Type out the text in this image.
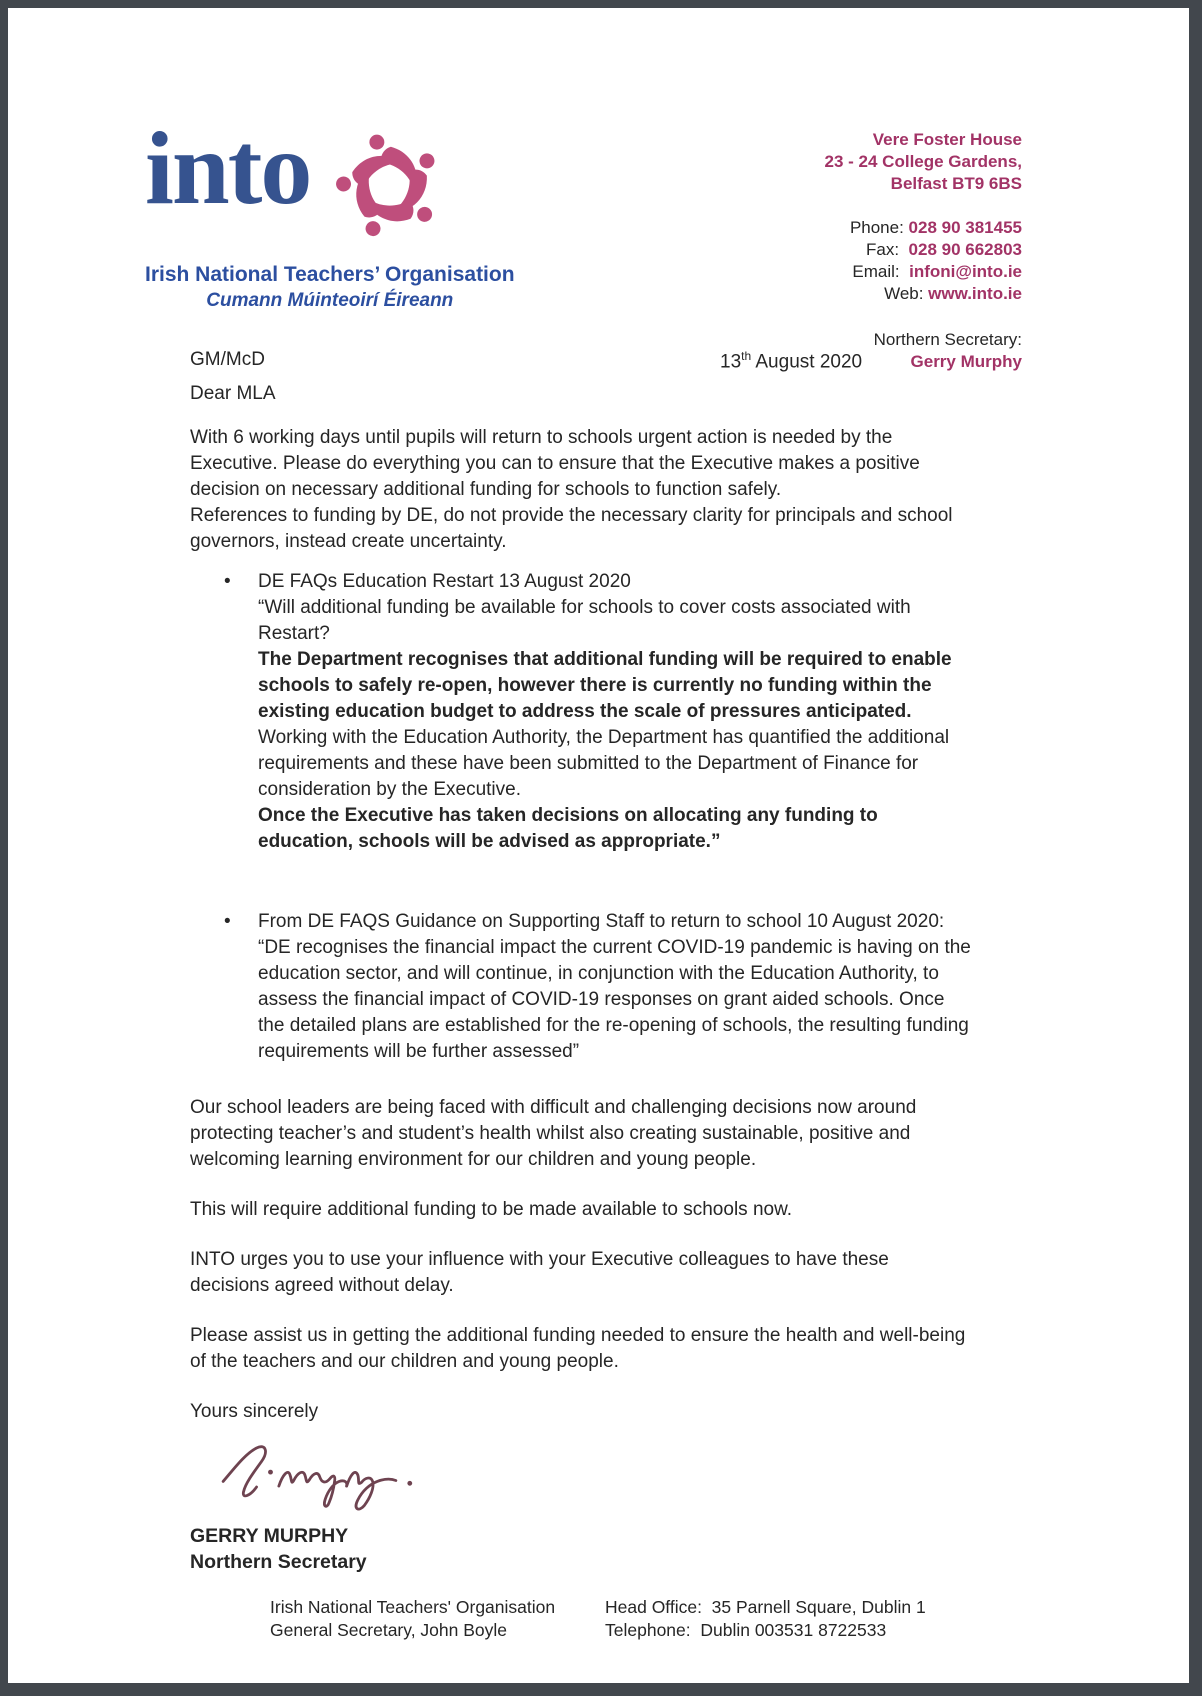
into
Irish National Teachers’ Organisation
Cumann Múinteoirí Éireann
Vere Foster House
23 - 24 College Gardens,
Belfast BT9 6BS
Phone: 028 90 381455
Fax:  028 90 662803
Email:  infoni@into.ie
Web: www.into.ie
Northern Secretary:
Gerry Murphy
GM/McD	13th August 2020
Dear MLA
With 6 working days until pupils will return to schools urgent action is needed by the Executive. Please do everything you can to ensure that the Executive makes a positive decision on necessary additional funding for schools to function safely.
References to funding by DE, do not provide the necessary clarity for principals and school governors, instead create uncertainty.
• DE FAQs Education Restart 13 August 2020
“Will additional funding be available for schools to cover costs associated with Restart?
The Department recognises that additional funding will be required to enable schools to safely re-open, however there is currently no funding within the existing education budget to address the scale of pressures anticipated.
Working with the Education Authority, the Department has quantified the additional requirements and these have been submitted to the Department of Finance for consideration by the Executive.
Once the Executive has taken decisions on allocating any funding to education, schools will be advised as appropriate.”
• From DE FAQS Guidance on Supporting Staff to return to school 10 August 2020: “DE recognises the financial impact the current COVID-19 pandemic is having on the education sector, and will continue, in conjunction with the Education Authority, to assess the financial impact of COVID-19 responses on grant aided schools. Once the detailed plans are established for the re-opening of schools, the resulting funding requirements will be further assessed”
Our school leaders are being faced with difficult and challenging decisions now around protecting teacher’s and student’s health whilst also creating sustainable, positive and welcoming learning environment for our children and young people.
This will require additional funding to be made available to schools now.
INTO urges you to use your influence with your Executive colleagues to have these decisions agreed without delay.
Please assist us in getting the additional funding needed to ensure the health and well-being of the teachers and our children and young people.
Yours sincerely
GERRY MURPHY
Northern Secretary
Irish National Teachers' Organisation
General Secretary, John Boyle
Head Office:  35 Parnell Square, Dublin 1
Telephone:  Dublin 003531 8722533
